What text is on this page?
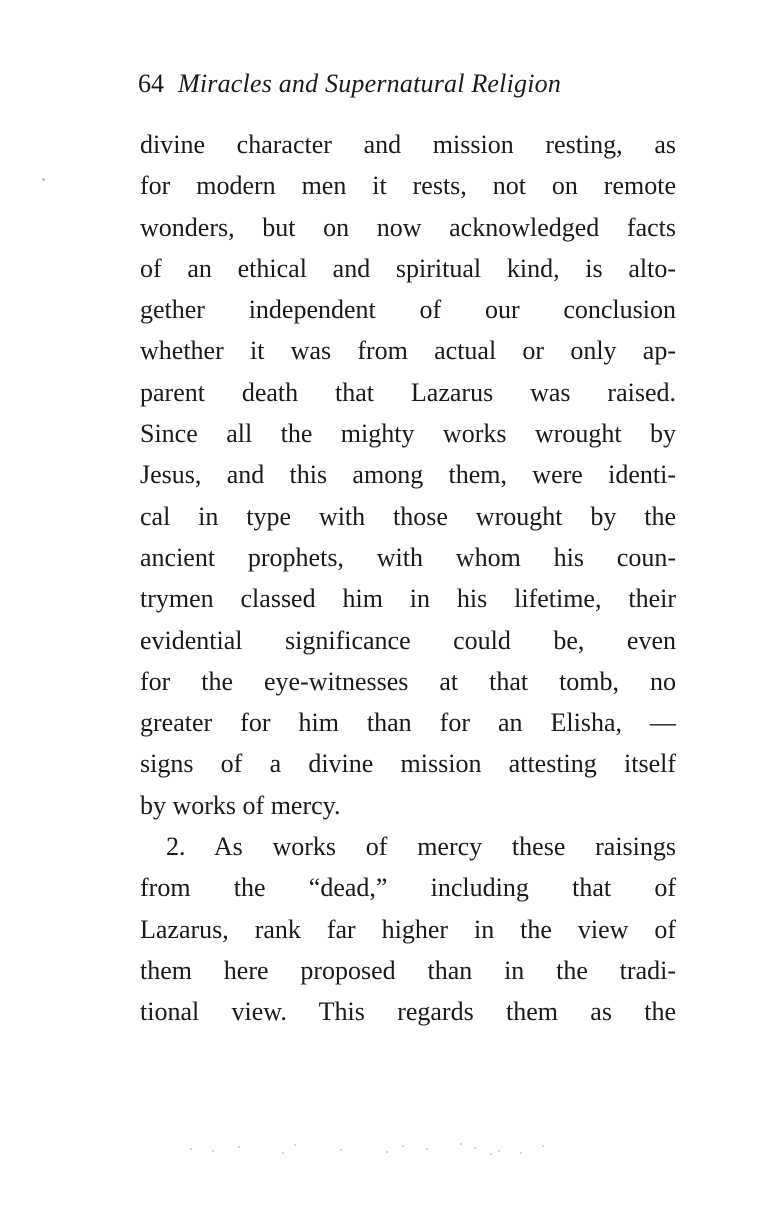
64 Miracles and Supernatural Religion
divine character and mission resting, as
for modern men it rests, not on remote
wonders, but on now acknowledged facts
of an ethical and spiritual kind, is alto-
gether independent of our conclusion
whether it was from actual or only ap-
parent death that Lazarus was raised.
Since all the mighty works wrought by
Jesus, and this among them, were identi-
cal in type with those wrought by the
ancient prophets, with whom his coun-
trymen classed him in his lifetime, their
evidential significance could be, even
for the eye-witnesses at that tomb, no
greater for him than for an Elisha, —
signs of a divine mission attesting itself
by works of mercy.
2. As works of mercy these raisings
from the “dead,” including that of
Lazarus, rank far higher in the view of
them here proposed than in the tradi-
tional view. This regards them as the
